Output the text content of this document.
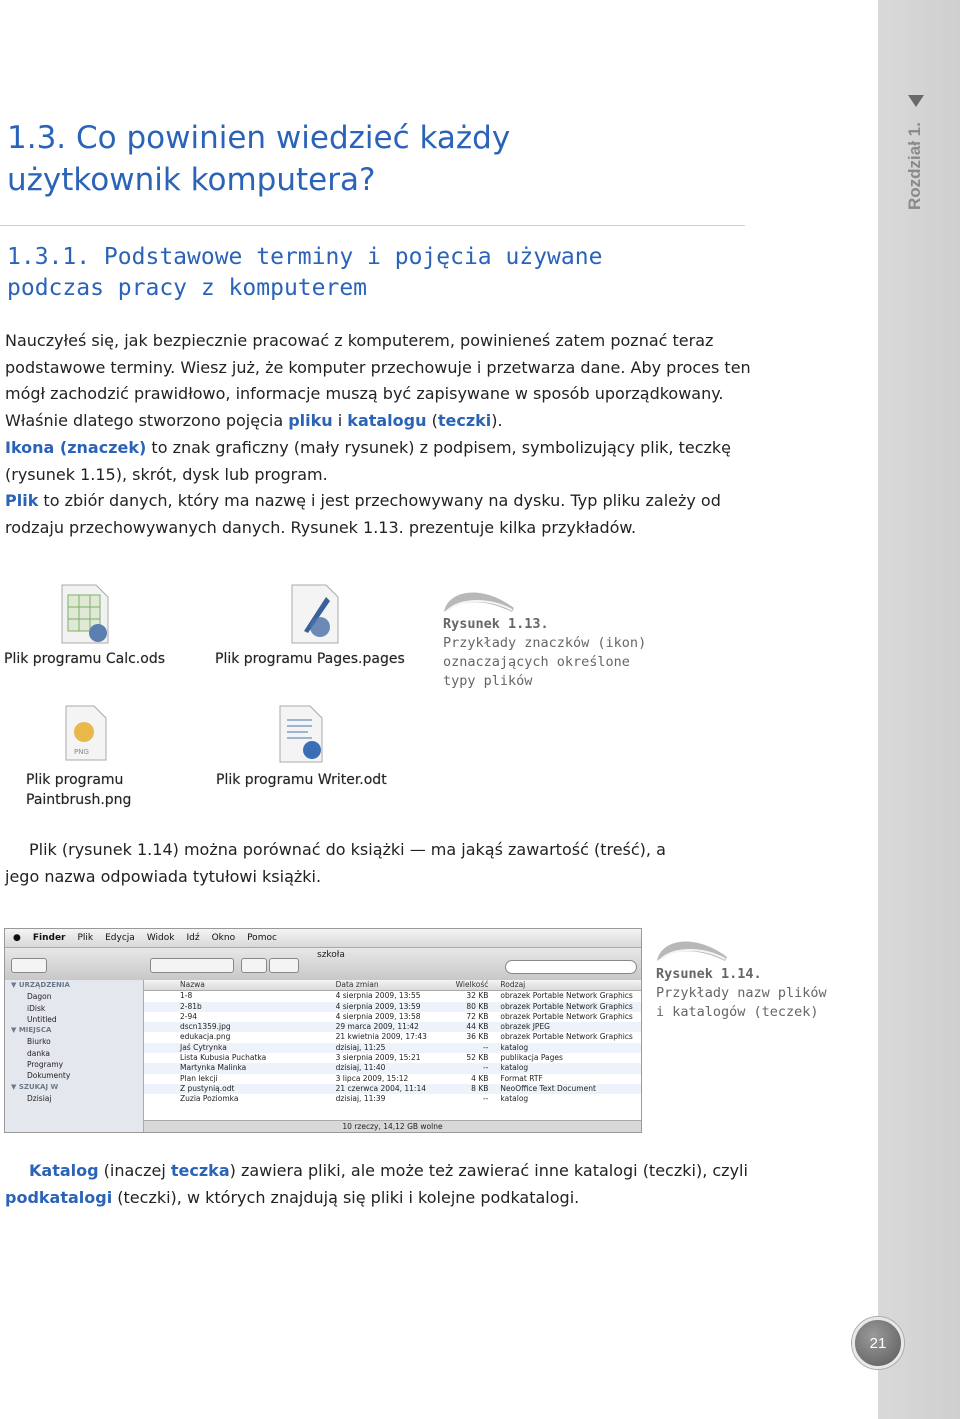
Rozdział 1.
21
1.3. Co powinien wiedzieć każdy
użytkownik komputera?
1.3.1. Podstawowe terminy i pojęcia używane
podczas pracy z komputerem

Nauczyłeś się, jak bezpiecznie pracować z komputerem, powinieneś zatem poznać teraz podstawowe terminy. Wiesz już, że komputer przechowuje i przetwarza dane. Aby proces ten mógł zachodzić prawidłowo, informacje muszą być zapisywane w sposób uporządkowany. Właśnie dlatego stworzono pojęcia pliku i katalogu (teczki).
Ikona (znaczek) to znak graficzny (mały rysunek) z podpisem, symbolizujący plik, teczkę (rysunek 1.15), skrót, dysk lub program.
Plik to zbiór danych, który ma nazwę i jest przechowywany na dysku. Typ pliku zależy od rodzaju przechowywanych danych. Rysunek 1.13. prezentuje kilka przykładów.

Plik programu Calc.ods	Plik programu Pages.pages
PNG
Plik programu
Paintbrush.png
Plik programu Writer.odt
Rysunek 1.13.
Przykłady znaczków (ikon) oznaczających określone typy plików

Plik (rysunek 1.14) można porównać do książki — ma jakąś zawartość (treść), a jego nazwa odpowiada tytułowi książki.

● Finder Plik Edycja Widok Idź Okno Pomoc
szkoła
▼ URZĄDZENIA
Dagon
iDisk
Untitled
▼ MIEJSCA
Biurko
danka
Programy
Dokumenty
▼ SZUKAJ W
Dzisiaj
Nazwa	Data zmian	Wielkość	Rodzaj
1-8	4 sierpnia 2009, 13:55	32 KB	obrazek Portable Network Graphics
2-81b	4 sierpnia 2009, 13:59	80 KB	obrazek Portable Network Graphics
2-94	4 sierpnia 2009, 13:58	72 KB	obrazek Portable Network Graphics
dscn1359.jpg	29 marca 2009, 11:42	44 KB	obrazek JPEG
edukacja.png	21 kwietnia 2009, 17:43	36 KB	obrazek Portable Network Graphics
Jaś Cytrynka	dzisiaj, 11:25	--	katalog
Lista Kubusia Puchatka	3 sierpnia 2009, 15:21	52 KB	publikacja Pages
Martynka Malinka	dzisiaj, 11:40	--	katalog
Plan lekcji	3 lipca 2009, 15:12	4 KB	Format RTF
Z pustynią.odt	21 czerwca 2004, 11:14	8 KB	NeoOffice Text Document
Zuzia Poziomka	dzisiaj, 11:39	--	katalog
10 rzeczy, 14,12 GB wolne
Rysunek 1.14.
Przykłady nazw plików i katalogów (teczek)

Katalog (inaczej teczka) zawiera pliki, ale może też zawierać inne katalogi (teczki), czyli podkatalogi (teczki), w których znajdują się pliki i kolejne podkatalogi.
